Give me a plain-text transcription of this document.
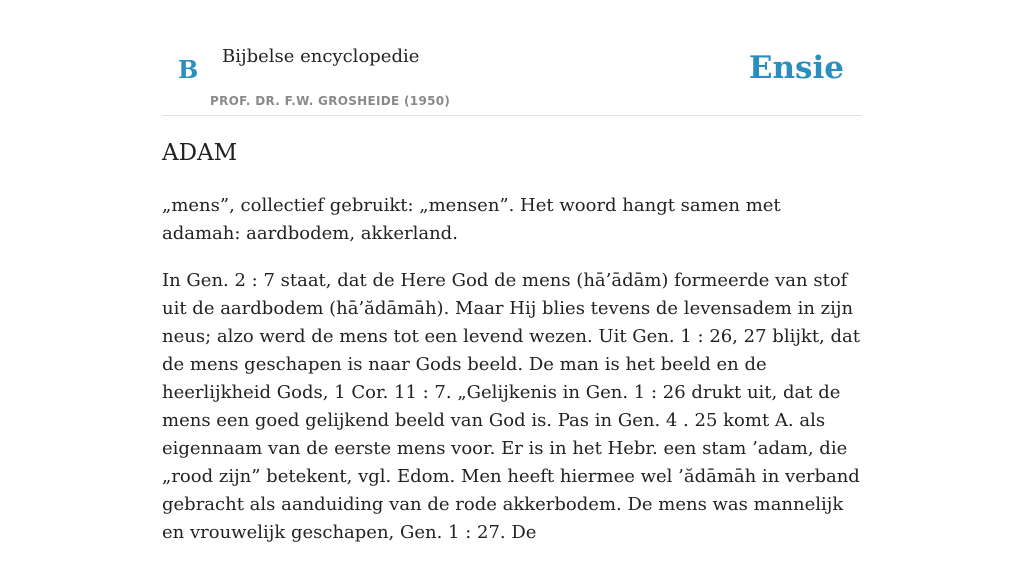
B Bijbelse encyclopedie
PROF. DR. F.W. GROSHEIDE (1950)
Ensie
ADAM

„mens”, collectief gebruikt: „mensen”. Het woord hangt samen met adamah: aardbodem, akkerland.

In Gen. 2 : 7 staat, dat de Here God de mens (hā’ādām) formeerde van stof uit de aardbodem (hā’ădāmāh). Maar Hij blies tevens de levensadem in zijn neus; alzo werd de mens tot een levend wezen. Uit Gen. 1 : 26, 27 blijkt, dat de mens geschapen is naar Gods beeld. De man is het beeld en de heerlijkheid Gods, 1 Cor. 11 : 7. „Gelijkenis in Gen. 1 : 26 drukt uit, dat de mens een goed gelijkend beeld van God is. Pas in Gen. 4 . 25 komt A. als eigennaam van de eerste mens voor. Er is in het Hebr. een stam ’adam, die „rood zijn” betekent, vgl. Edom. Men heeft hiermee wel ’ădāmāh in verband gebracht als aanduiding van de rode akkerbodem. De mens was mannelijk en vrouwelijk geschapen, Gen. 1 : 27. De
